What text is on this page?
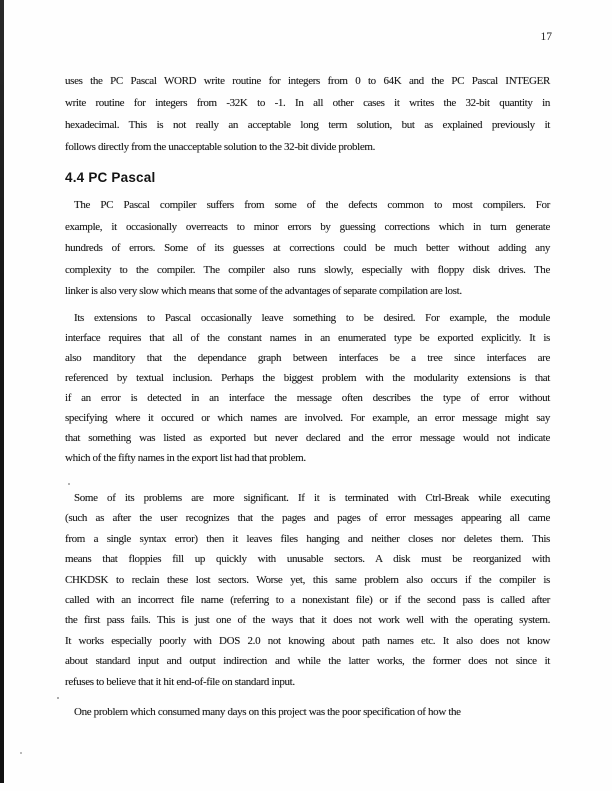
17
uses the PC Pascal WORD write routine for integers from 0 to 64K and the PC Pascal INTEGER
write routine for integers from -32K to -1. In all other cases it writes the 32-bit quantity in
hexadecimal. This is not really an acceptable long term solution, but as explained previously it
follows directly from the unacceptable solution to the 32-bit divide problem.
4.4 PC Pascal
The PC Pascal compiler suffers from some of the defects common to most compilers. For
example, it occasionally overreacts to minor errors by guessing corrections which in turn generate
hundreds of errors. Some of its guesses at corrections could be much better without adding any
complexity to the compiler. The compiler also runs slowly, especially with floppy disk drives. The
linker is also very slow which means that some of the advantages of separate compilation are lost.
Its extensions to Pascal occasionally leave something to be desired. For example, the module
interface requires that all of the constant names in an enumerated type be exported explicitly. It is
also manditory that the dependance graph between interfaces be a tree since interfaces are
referenced by textual inclusion. Perhaps the biggest problem with the modularity extensions is that
if an error is detected in an interface the message often describes the type of error without
specifying where it occured or which names are involved. For example, an error message might say
that something was listed as exported but never declared and the error message would not indicate
which of the fifty names in the export list had that problem.
Some of its problems are more significant. If it is terminated with Ctrl-Break while executing
(such as after the user recognizes that the pages and pages of error messages appearing all came
from a single syntax error) then it leaves files hanging and neither closes nor deletes them. This
means that floppies fill up quickly with unusable sectors. A disk must be reorganized with
CHKDSK to reclain these lost sectors. Worse yet, this same problem also occurs if the compiler is
called with an incorrect file name (referring to a nonexistant file) or if the second pass is called after
the first pass fails. This is just one of the ways that it does not work well with the operating system.
It works especially poorly with DOS 2.0 not knowing about path names etc. It also does not know
about standard input and output indirection and while the latter works, the former does not since it
refuses to believe that it hit end-of-file on standard input.
One problem which consumed many days on this project was the poor specification of how the
